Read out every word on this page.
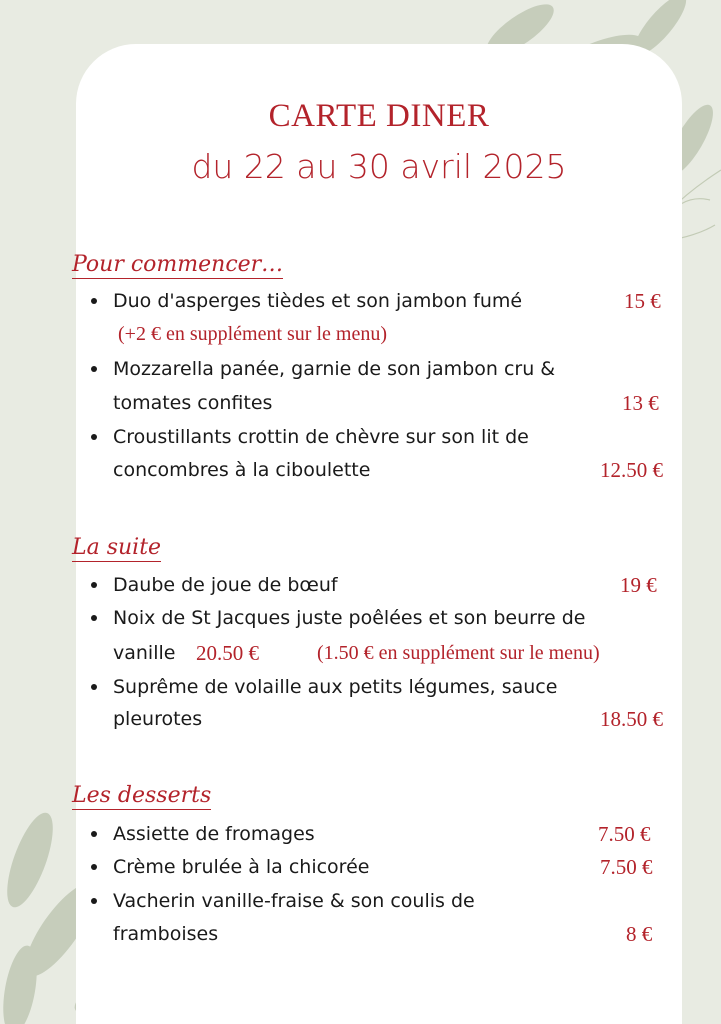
CARTE DINER
du 22 au 30 avril 2025
Pour commencer…
Duo d'asperges tièdes et son jambon fumé	15 €
(+2 € en supplément sur le menu)
Mozzarella panée, garnie de son jambon cru &
tomates confites	13 €
Croustillants crottin de chèvre sur son lit de
concombres à la ciboulette	12.50 €
La suite
Daube de joue de bœuf	19 €
Noix de St Jacques juste poêlées et son beurre de
vanille 20.50 €	(1.50 € en supplément sur le menu)
Suprême de volaille aux petits légumes, sauce
pleurotes	18.50 €
Les desserts
Assiette de fromages	7.50 €
Crème brulée à la chicorée	7.50 €
Vacherin vanille-fraise & son coulis de
framboises	8 €
